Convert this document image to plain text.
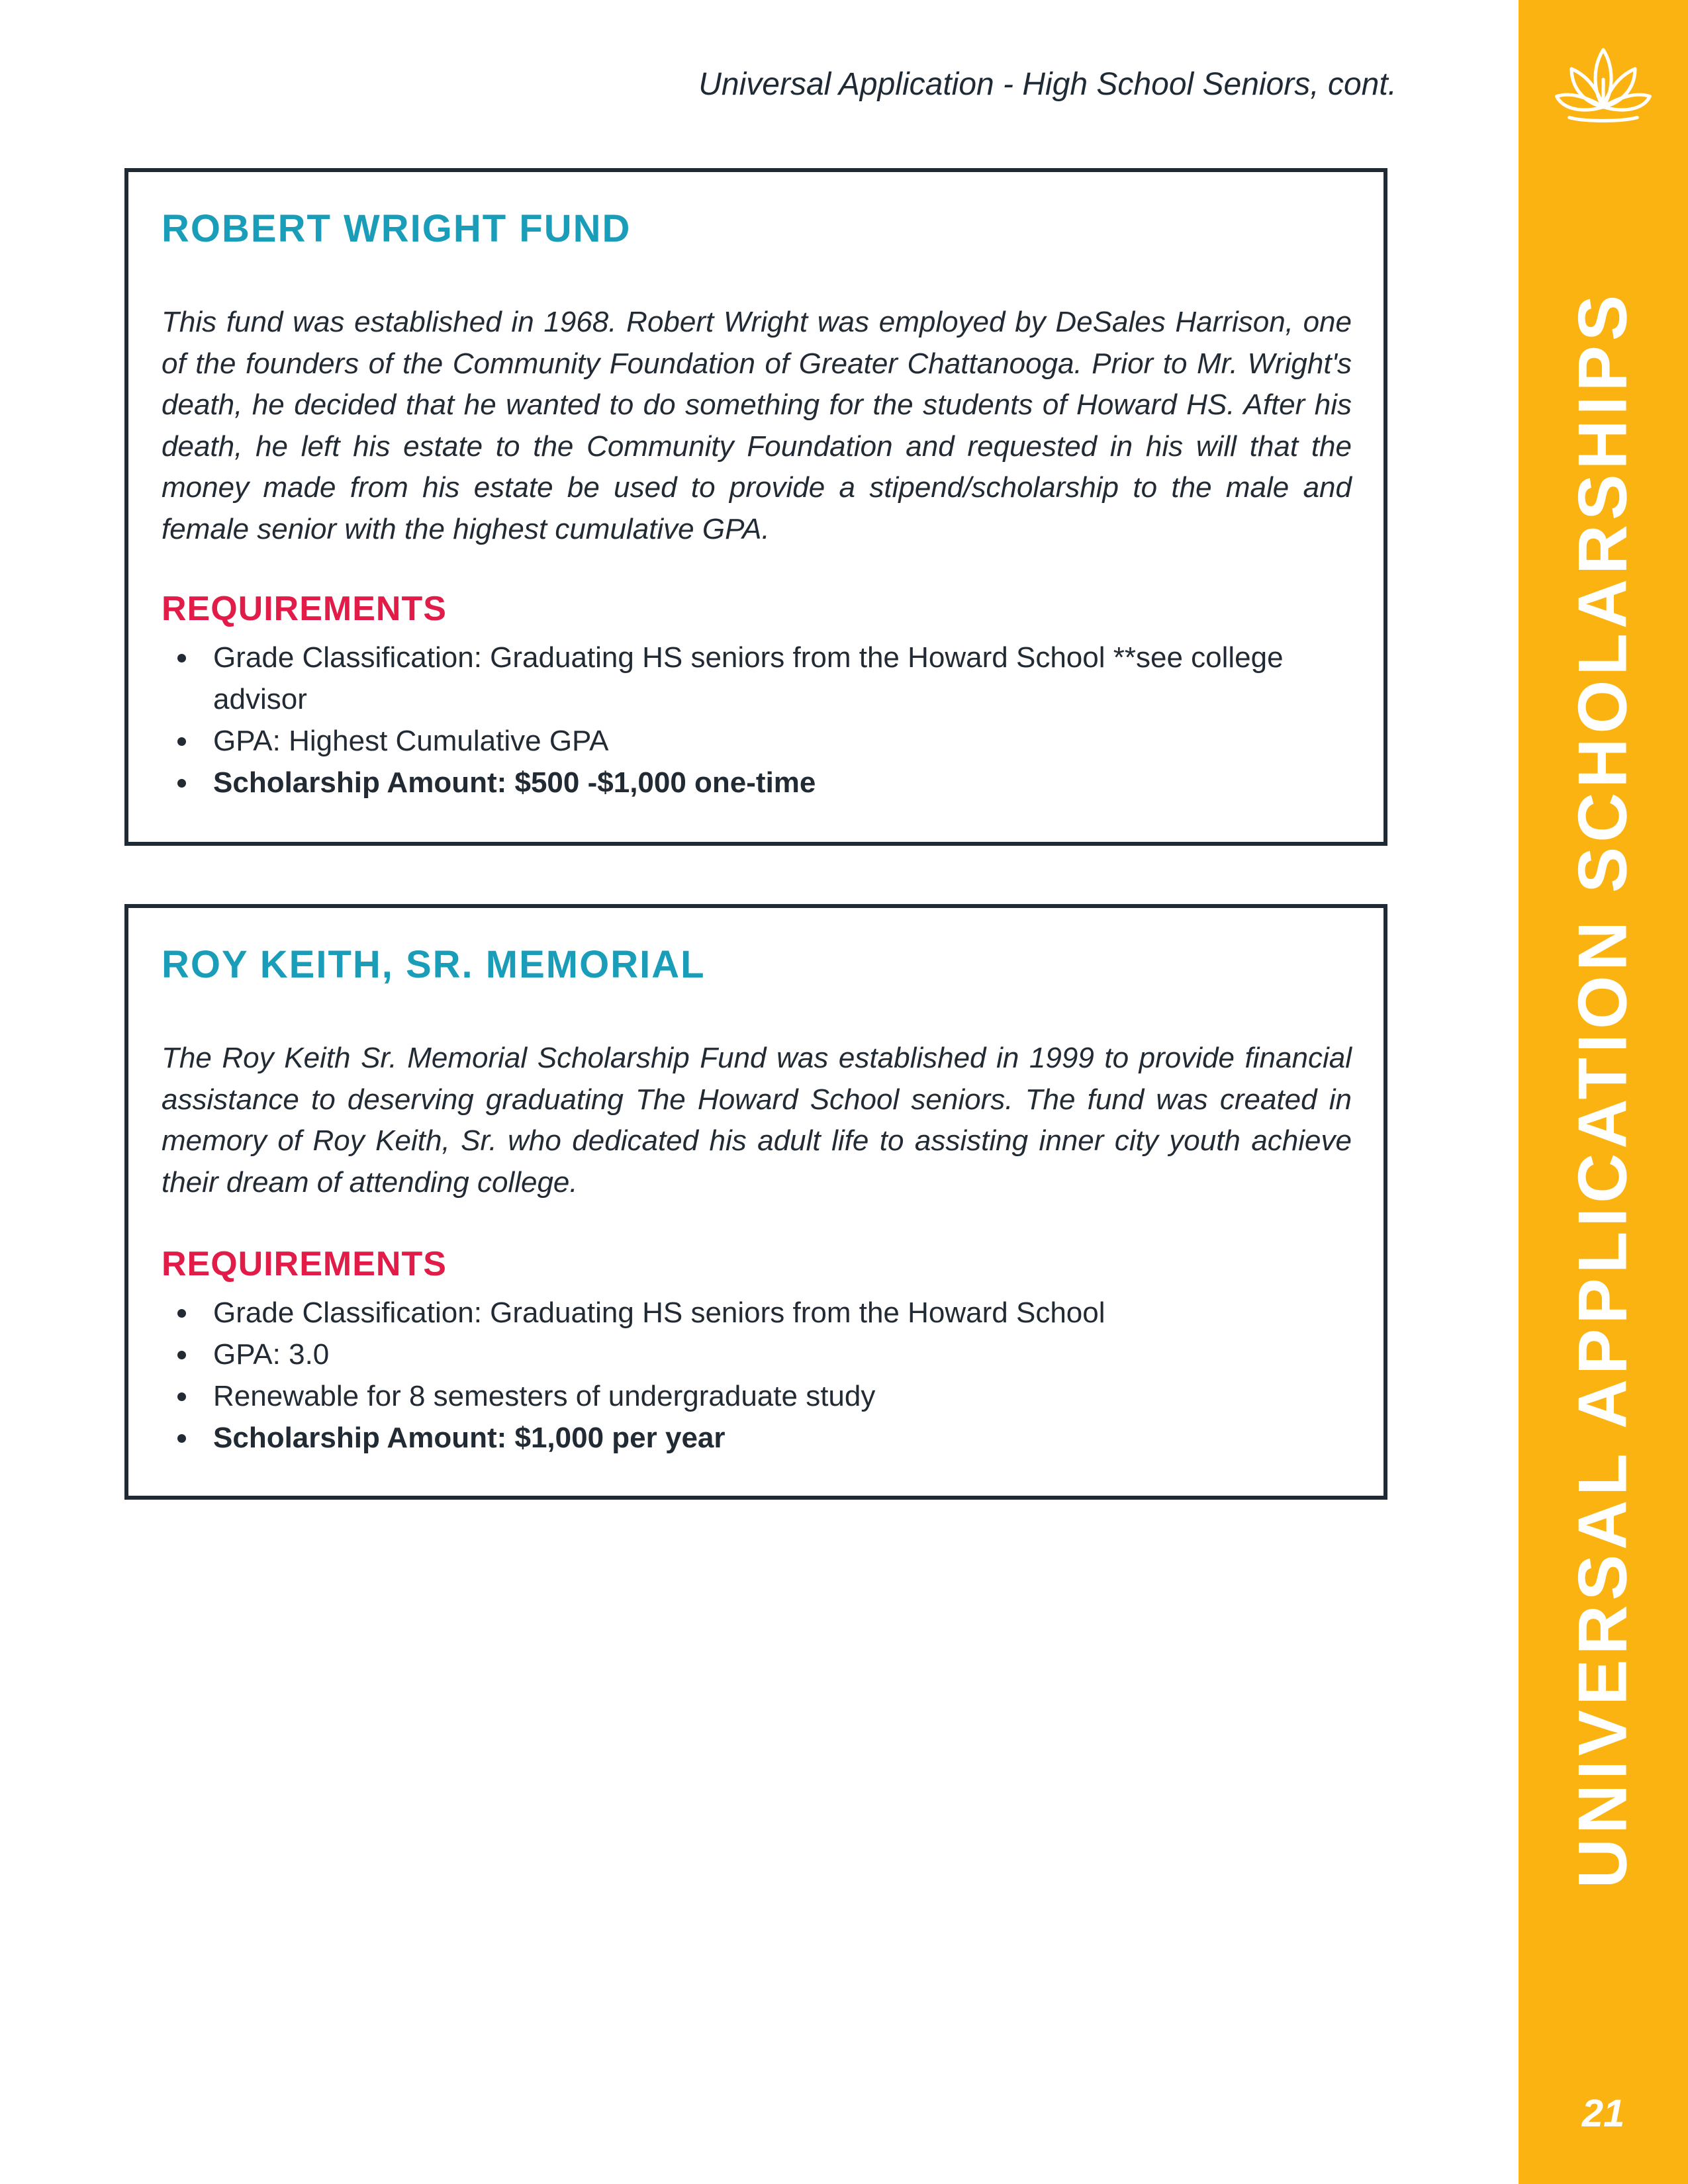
Universal Application - High School Seniors, cont.
ROBERT WRIGHT FUND

This fund was established in 1968. Robert Wright was employed by DeSales Harrison, one of the founders of the Community Foundation of Greater Chattanooga. Prior to Mr. Wright's death, he decided that he wanted to do something for the students of Howard HS. After his death, he left his estate to the Community Foundation and requested in his will that the money made from his estate be used to provide a stipend/scholarship to the male and female senior with the highest cumulative GPA.

REQUIREMENTS
Grade Classification: Graduating HS seniors from the Howard School **see college advisor
GPA: Highest Cumulative GPA
Scholarship Amount: $500 -$1,000 one-time
ROY KEITH, SR. MEMORIAL

The Roy Keith Sr. Memorial Scholarship Fund was established in 1999 to provide financial assistance to deserving graduating The Howard School seniors. The fund was created in memory of Roy Keith, Sr. who dedicated his adult life to assisting inner city youth achieve their dream of attending college.

REQUIREMENTS
Grade Classification: Graduating HS seniors from the Howard School
GPA: 3.0
Renewable for 8 semesters of undergraduate study
Scholarship Amount: $1,000 per year	UNIVERSAL APPLICATION SCHOLARSHIPS
21
